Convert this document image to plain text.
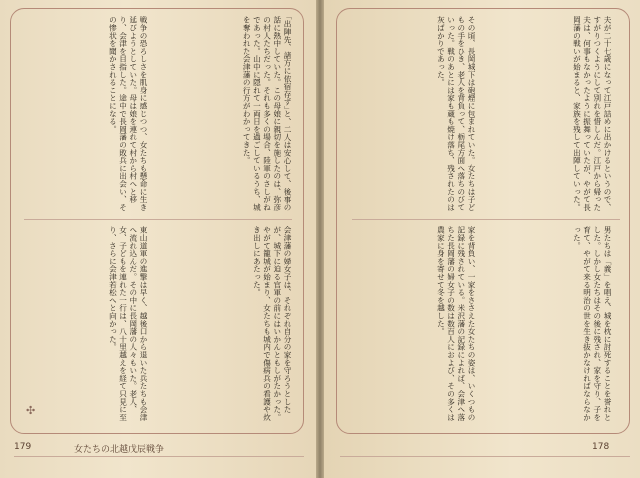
｢出陣先、諸方に依宿存ず｣と、二人は安心して、後事の話に熱中していた。この母娘に親切を施したのは、弥彦の村人たちだった。それも多くの場合、陸軍のさしがねであった。山中に隠れて一両日を過ごしているうち、城を奪われた会津藩の行方がわかってきた。
戦争の恐ろしさを肌身に感じつつ、女たちも懸命に生き延びようとしていた。母は娘を連れて村から村へと移り、会津を目指した。途中で長岡藩の敗兵に出会い、その惨状を聞かされることになる。
会津藩の婦女子は、それぞれ自分の家を守ろうとしたが、城下に迫る官軍の前にはいかんともしがたかった。やがて籠城が始まり、女たちも城内で傷病兵の看護や炊き出しにあたった。
東山道軍の進撃は早く、越後口から退いた兵たちも会津へ流れ込んだ。その中に長岡藩の人々もいた。老人、女、子どもを連れた一行は、八十里越えを経て只見に至り、さらに会津若松へと向かった。
✣
179	女たちの北越戊辰戦争
夫が二十七歳になって江戸詰めに出かけるというので、すがりつくようにして別れを惜しんだ。江戸から帰った夫は、何事もなかったように振舞っていたが、やがて長岡藩の戦いが始まると、家族を残して出陣していった。
その頃、長岡城下は砲煙に包まれていた。女たちは子どもの手をひき、老人を背負って、栃尾方面へ落ちのびていった。戦のあとには家も蔵も焼け落ち、残されたのは灰ばかりであった。
男たちは「義」を唱え、城を枕に討死することを誉れとした。しかし女たちはその後に残され、家を守り、子を育て、やがて来る明治の世を生き抜かなければならなかった。
家を背負い、一家をささえた女たちの姿は、いくつもの記録に残されている。米沢藩の記録によれば、会津へ落ちた長岡藩の婦女子の数は数百人におよび、その多くは農家に身を寄せて冬を越した。
178
